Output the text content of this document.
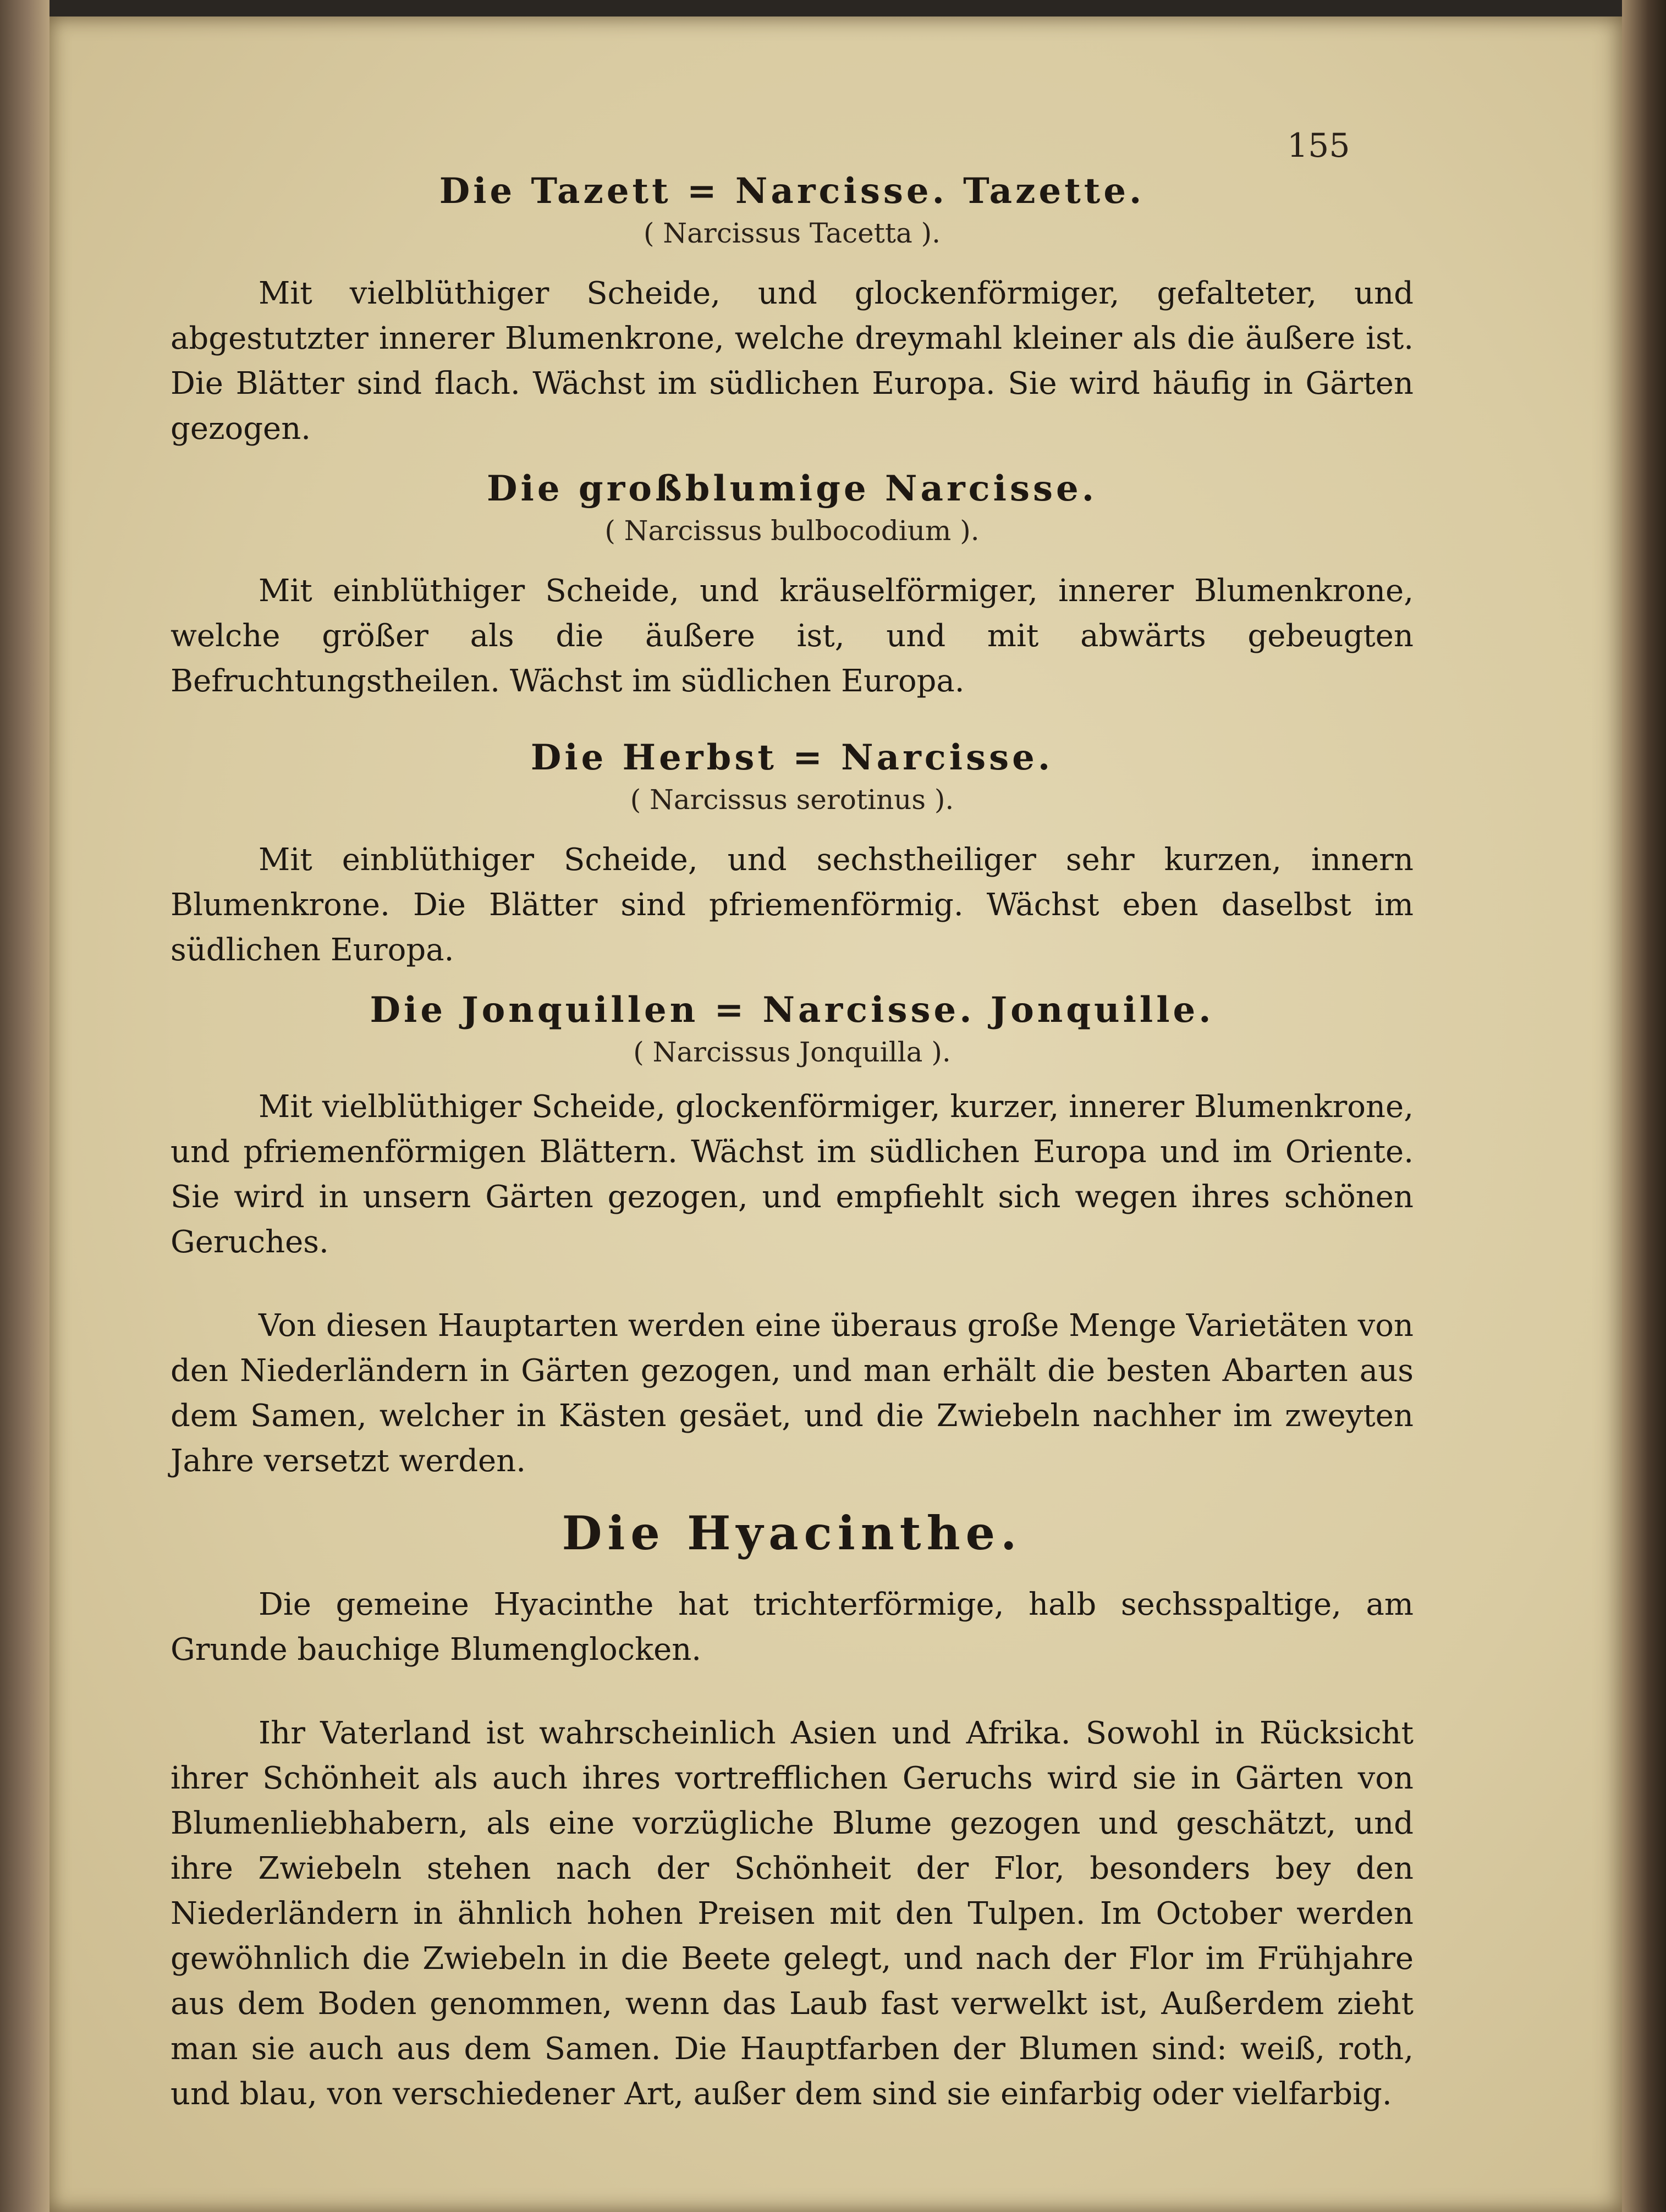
155
Die Tazett = Narcisse. Tazette.

( Narcissus Tacetta ).

Mit vielblüthiger Scheide, und glockenförmiger, gefalteter, und abgestutzter innerer Blumenkrone, welche dreymahl kleiner als die äußere ist. Die Blätter sind flach. Wächst im südlichen Europa. Sie wird häufig in Gärten gezogen.

Die großblumige Narcisse.

( Narcissus bulbocodium ).

Mit einblüthiger Scheide, und kräuselförmiger, innerer Blumenkrone, welche größer als die äußere ist, und mit abwärts gebeugten Befruchtungstheilen. Wächst im südlichen Europa.

Die Herbst = Narcisse.

( Narcissus serotinus ).

Mit einblüthiger Scheide, und sechstheiliger sehr kurzen, innern Blumenkrone. Die Blätter sind pfriemenförmig. Wächst eben daselbst im südlichen Europa.

Die Jonquillen = Narcisse. Jonquille.

( Narcissus Jonquilla ).

Mit vielblüthiger Scheide, glockenförmiger, kurzer, innerer Blumenkrone, und pfriemenförmigen Blättern. Wächst im südlichen Europa und im Oriente. Sie wird in unsern Gärten gezogen, und empfiehlt sich wegen ihres schönen Geruches.

Von diesen Hauptarten werden eine überaus große Menge Varietäten von den Niederländern in Gärten gezogen, und man erhält die besten Abarten aus dem Samen, welcher in Kästen gesäet, und die Zwiebeln nachher im zweyten Jahre versetzt werden.

Die Hyacinthe.

Die gemeine Hyacinthe hat trichterförmige, halb sechsspaltige, am Grunde bauchige Blumenglocken.

Ihr Vaterland ist wahrscheinlich Asien und Afrika. Sowohl in Rücksicht ihrer Schönheit als auch ihres vortrefflichen Geruchs wird sie in Gärten von Blumenliebhabern, als eine vorzügliche Blume gezogen und geschätzt, und ihre Zwiebeln stehen nach der Schönheit der Flor, besonders bey den Niederländern in ähnlich hohen Preisen mit den Tulpen. Im October werden gewöhnlich die Zwiebeln in die Beete gelegt, und nach der Flor im Frühjahre aus dem Boden genommen, wenn das Laub fast verwelkt ist, Außerdem zieht man sie auch aus dem Samen. Die Hauptfarben der Blumen sind: weiß, roth, und blau, von verschiedener Art, außer dem sind sie einfarbig oder vielfarbig.
